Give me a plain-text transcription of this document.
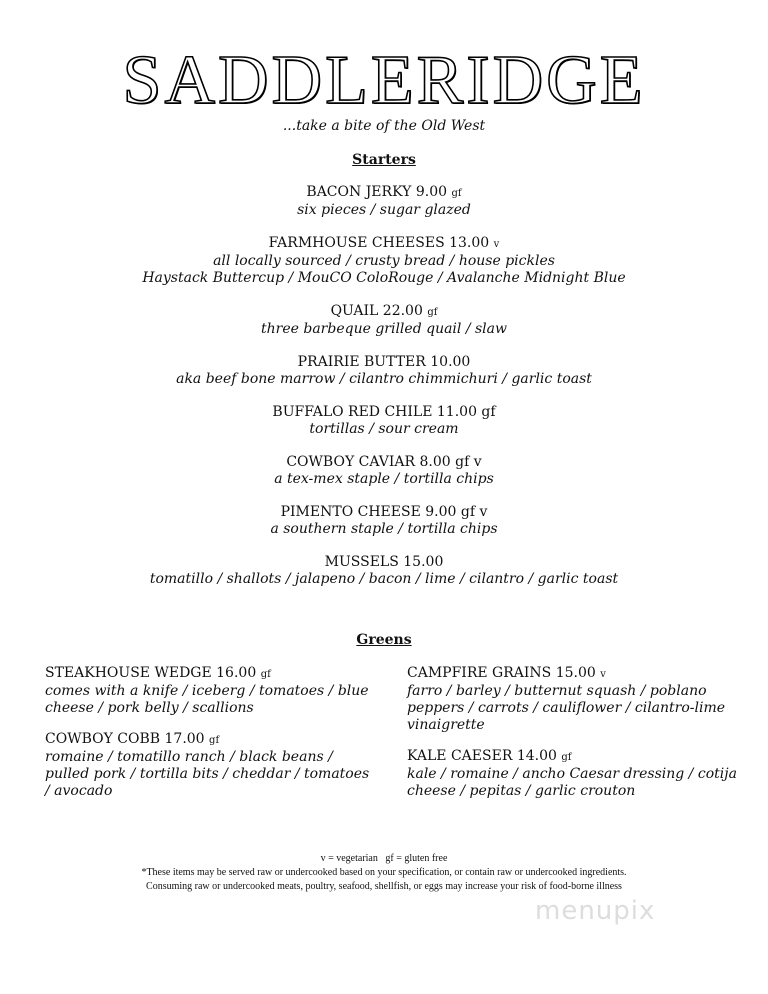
SADDLERIDGE
...take a bite of the Old West
Starters
BACON JERKY 9.00 gf
six pieces / sugar glazed
FARMHOUSE CHEESES 13.00 v
all locally sourced / crusty bread / house pickles
Haystack Buttercup / MouCO ColoRouge / Avalanche Midnight Blue
QUAIL 22.00 gf
three barbeque grilled quail / slaw
PRAIRIE BUTTER 10.00
aka beef bone marrow / cilantro chimmichuri / garlic toast
BUFFALO RED CHILE 11.00 gf
tortillas / sour cream
COWBOY CAVIAR 8.00 gf v
a tex-mex staple / tortilla chips
PIMENTO CHEESE 9.00 gf v
a southern staple / tortilla chips
MUSSELS 15.00
tomatillo / shallots / jalapeno / bacon / lime / cilantro / garlic toast
Greens
STEAKHOUSE WEDGE 16.00 gf
comes with a knife / iceberg / tomatoes / blue cheese / pork belly / scallions
COWBOY COBB 17.00 gf
romaine / tomatillo ranch / black beans / pulled pork / tortilla bits / cheddar / tomatoes / avocado
CAMPFIRE GRAINS 15.00 v
farro / barley / butternut squash / poblano peppers / carrots / cauliflower / cilantro-lime vinaigrette
KALE CAESER 14.00 gf
kale / romaine / ancho Caesar dressing / cotija cheese / pepitas / garlic crouton
v = vegetarian   gf = gluten free
*These items may be served raw or undercooked based on your specification, or contain raw or undercooked ingredients.
Consuming raw or undercooked meats, poultry, seafood, shellfish, or eggs may increase your risk of food-borne illness
menupix
